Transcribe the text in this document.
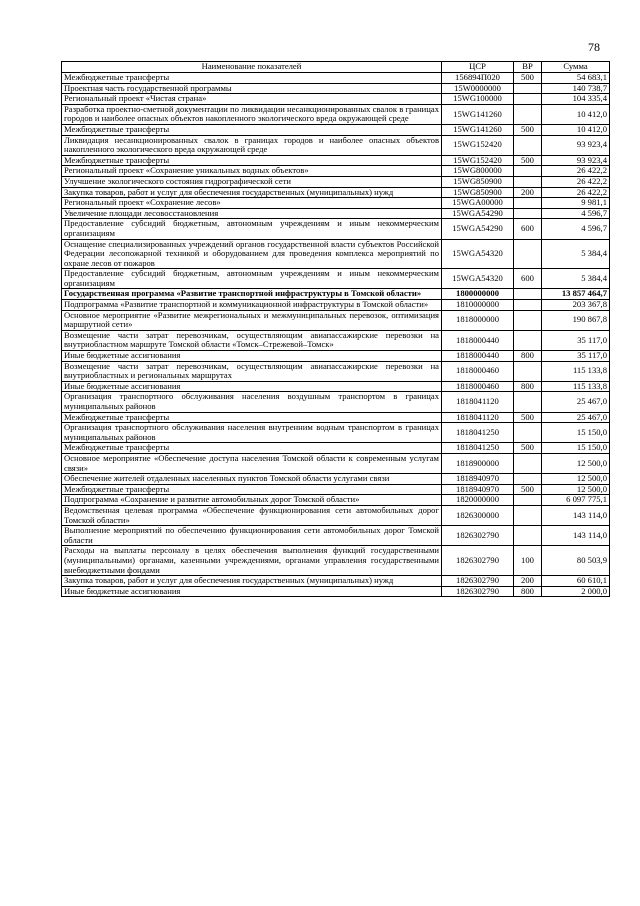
78
Наименование показателей	ЦСР	ВР	Сумма
Межбюджетные трансферты	156894П020	500	54 683,1
Проектная часть государственной программы	15W0000000		140 738,7
Региональный проект «Чистая страна»	15WG100000		104 335,4
Разработка проектно-сметной документации по ликвидации несанкционированных свалок в границах городов и наиболее опасных объектов накопленного экологического вреда окружающей среде	15WG141260		10 412,0
Межбюджетные трансферты	15WG141260	500	10 412,0
Ликвидация несанкционированных свалок в границах городов и наиболее опасных объектов накопленного экологического вреда окружающей среде	15WG152420		93 923,4
Межбюджетные трансферты	15WG152420	500	93 923,4
Региональный проект «Сохранение уникальных водных объектов»	15WG800000		26 422,2
Улучшение экологического состояния гидрографической сети	15WG850900		26 422,2
Закупка товаров, работ и услуг для обеспечения государственных (муниципальных) нужд	15WG850900	200	26 422,2
Региональный проект «Сохранение лесов»	15WGA00000		9 981,1
Увеличение площади лесовосстановления	15WGA54290		4 596,7
Предоставление субсидий бюджетным, автономным учреждениям и иным некоммерческим организациям	15WGA54290	600	4 596,7
Оснащение специализированных учреждений органов государственной власти субъектов Российской Федерации лесопожарной техникой и оборудованием для проведения комплекса мероприятий по охране лесов от пожаров	15WGA54320		5 384,4
Предоставление субсидий бюджетным, автономным учреждениям и иным некоммерческим организациям	15WGA54320	600	5 384,4
Государственная программа «Развитие транспортной инфраструктуры в Томской области»	1800000000		13 857 464,7
Подпрограмма «Развитие транспортной и коммуникационной инфраструктуры в Томской области»	1810000000		203 367,8
Основное мероприятие «Развитие межрегиональных и межмуниципальных перевозок, оптимизация маршрутной сети»	1818000000		190 867,8
Возмещение части затрат перевозчикам, осуществляющим авиапассажирские перевозки на внутриобластном маршруте Томской области «Томск–Стрежевой–Томск»	1818000440		35 117,0
Иные бюджетные ассигнования	1818000440	800	35 117,0
Возмещение части затрат перевозчикам, осуществляющим авиапассажирские перевозки на внутриобластных и региональных маршрутах	1818000460		115 133,8
Иные бюджетные ассигнования	1818000460	800	115 133,8
Организация транспортного обслуживания населения воздушным транспортом в границах муниципальных районов	1818041120		25 467,0
Межбюджетные трансферты	1818041120	500	25 467,0
Организация транспортного обслуживания населения внутренним водным транспортом в границах муниципальных районов	1818041250		15 150,0
Межбюджетные трансферты	1818041250	500	15 150,0
Основное мероприятие «Обеспечение доступа населения Томской области к современным услугам связи»	1818900000		12 500,0
Обеспечение жителей отдаленных населенных пунктов Томской области услугами связи	1818940970		12 500,0
Межбюджетные трансферты	1818940970	500	12 500,0
Подпрограмма «Сохранение и развитие автомобильных дорог Томской области»	1820000000		6 097 775,1
Ведомственная целевая программа «Обеспечение функционирования сети автомобильных дорог Томской области»	1826300000		143 114,0
Выполнение мероприятий по обеспечению функционирования сети автомобильных дорог Томской области	1826302790		143 114,0
Расходы на выплаты персоналу в целях обеспечения выполнения функций государственными (муниципальными) органами, казенными учреждениями, органами управления государственными внебюджетными фондами	1826302790	100	80 503,9
Закупка товаров, работ и услуг для обеспечения государственных (муниципальных) нужд	1826302790	200	60 610,1
Иные бюджетные ассигнования	1826302790	800	2 000,0
